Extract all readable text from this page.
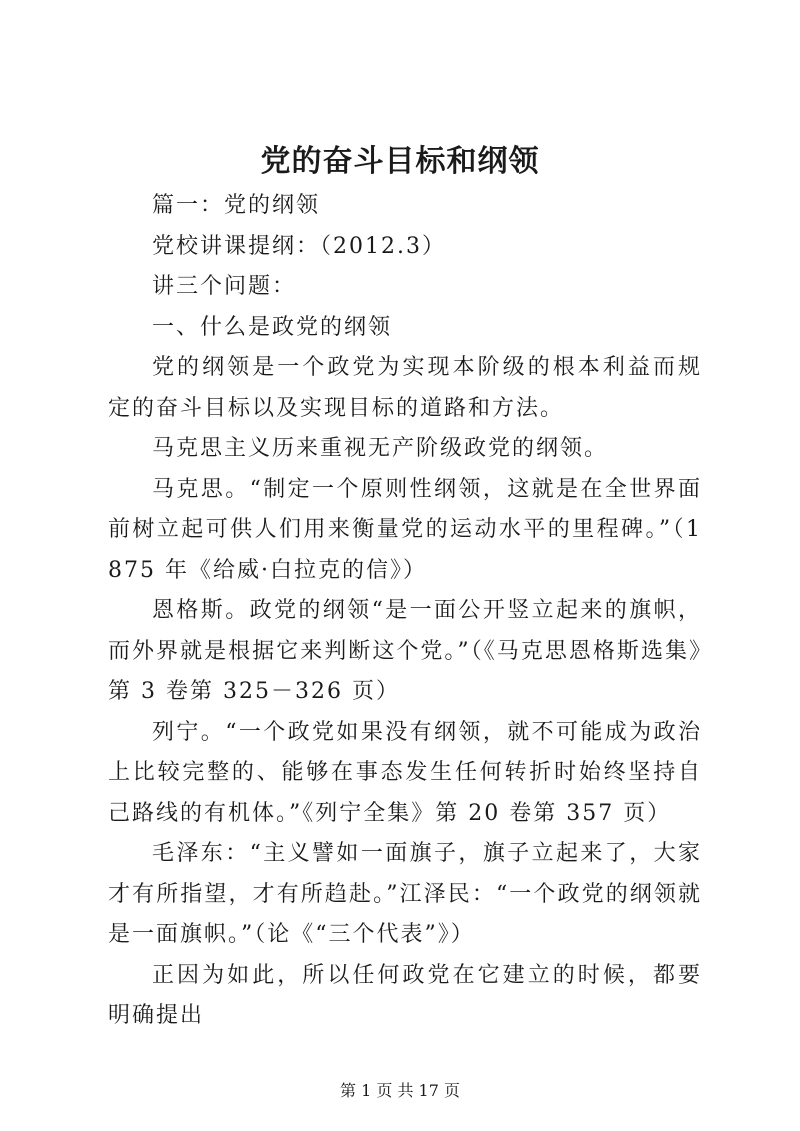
党的奋斗目标和纲领

篇一：党的纲领

党校讲课提纲：（2012.3）

讲三个问题：

一、什么是政党的纲领

党的纲领是一个政党为实现本阶级的根本利益而规定的奋斗目标以及实现目标的道路和方法。

马克思主义历来重视无产阶级政党的纲领。

马克思。“制定一个原则性纲领，这就是在全世界面前树立起可供人们用来衡量党的运动水平的里程碑。”（1875 年《给威·白拉克的信》）

恩格斯。政党的纲领“是一面公开竖立起来的旗帜，而外界就是根据它来判断这个党。”（《马克思恩格斯选集》第 3 卷第 325－326 页）

列宁。“一个政党如果没有纲领，就不可能成为政治上比较完整的、能够在事态发生任何转折时始终坚持自己路线的有机体。”《列宁全集》第 20 卷第 357 页）

毛泽东：“主义譬如一面旗子，旗子立起来了，大家才有所指望，才有所趋赴。”江泽民：“一个政党的纲领就是一面旗帜。”（论《“三个代表”》）

正因为如此，所以任何政党在它建立的时候，都要明确提出

第 1 页 共 17 页
